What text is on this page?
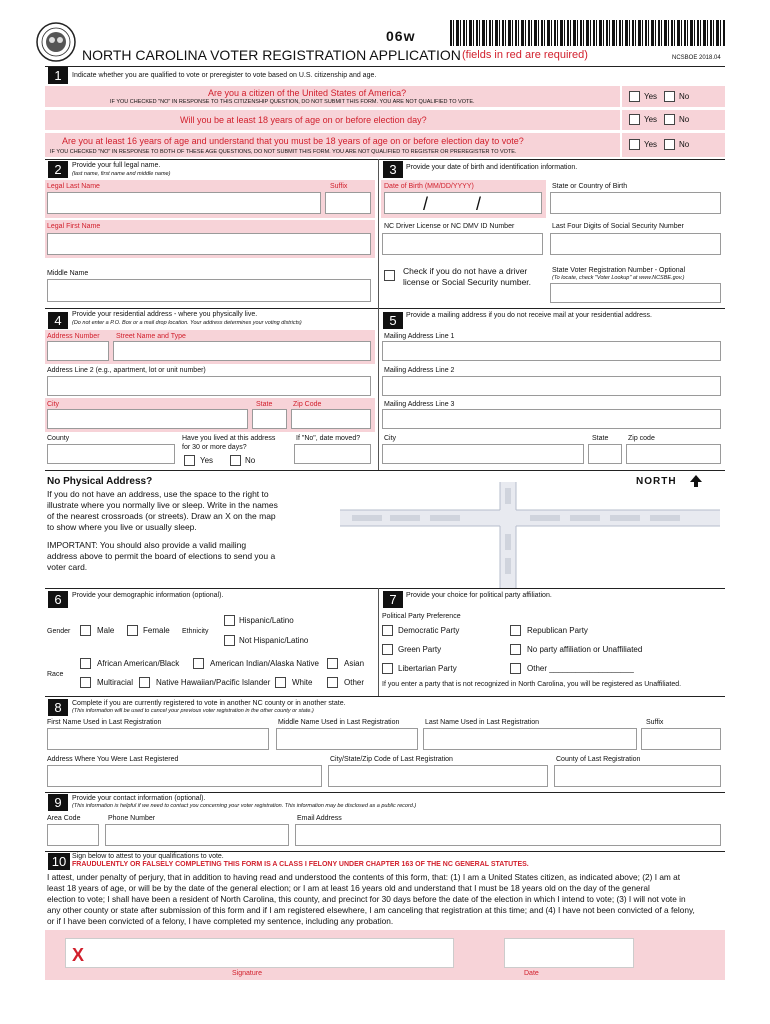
06w
NORTH CAROLINA VOTER REGISTRATION APPLICATION (fields in red are required)	NCSBOE 2018.04
1	Indicate whether you are qualified to vote or preregister to vote based on U.S. citizenship and age.
Are you a citizen of the United States of America?
IF YOU CHECKED "NO" IN RESPONSE TO THIS CITIZENSHIP QUESTION, DO NOT SUBMIT THIS FORM. YOU ARE NOT QUALIFIED TO VOTE.
Yes	No
Will you be at least 18 years of age on or before election day?	Yes	No
Are you at least 16 years of age and understand that you must be 18 years of age on or before election day to vote?
IF YOU CHECKED "NO" IN RESPONSE TO BOTH OF THESE AGE QUESTIONS, DO NOT SUBMIT THIS FORM. YOU ARE NOT QUALIFIED TO REGISTER OR PREREGISTER TO VOTE.
Yes	No
2	Provide your full legal name.
(last name, first name and middle name)
Legal Last Name	Suffix
Legal First Name
Middle Name
3	Provide your date of birth and identification information.
Date of Birth (MM/DD/YYYY)
/	/
State or Country of Birth
NC Driver License or NC DMV ID Number	Last Four Digits of Social Security Number
Check if you do not have a driver
license or Social Security number.
State Voter Registration Number - Optional
(To locate, check "Voter Lookup" at www.NCSBE.gov.)
4	Provide your residential address - where you physically live.
(Do not enter a P.O. Box or a mail drop location. Your address determines your voting districts)
Address Number Street Name and Type
Address Line 2 (e.g., apartment, lot or unit number)
City	State	Zip Code
County	Have you lived at this address
for 30 or more days?
Yes	No
If "No", date moved?
5	Provide a mailing address if you do not receive mail at your residential address.
Mailing Address Line 1
Mailing Address Line 2
Mailing Address Line 3
City	State	Zip code
No Physical Address?
If you do not have an address, use the space to the right to
illustrate where you normally live or sleep. Write in the names
of the nearest crossroads (or streets). Draw an X on the map
to show where you live or usually sleep.
IMPORTANT: You should also provide a valid mailing
address above to permit the board of elections to send you a
voter card.
NORTH
6	Provide your demographic information (optional).
Gender	Male	Female Ethnicity
Hispanic/Latino
Not Hispanic/Latino
Race
African American/Black	American Indian/Alaska Native	Asian
Multiracial	Native Hawaiian/Pacific Islander	White	Other
7	Provide your choice for political party affiliation.
Political Party Preference
Democratic Party	Republican Party
Green Party	No party affiliation or Unaffiliated
Libertarian Party	Other ___________________
If you enter a party that is not recognized in North Carolina, you will be registered as Unaffiliated.
8	Complete if you are currently registered to vote in another NC county or in another state.
(This information will be used to cancel your previous voter registration in the other county or state.)
First Name Used in Last Registration	Middle Name Used in Last Registration	Last Name Used in Last Registration	Suffix
Address Where You Were Last Registered	City/State/Zip Code of Last Registration	County of Last Registration
9	Provide your contact information (optional).
(This information is helpful if we need to contact you concerning your voter registration. This information may be disclosed as a public record.)
Area Code	Phone Number	Email Address
10 Sign below to attest to your qualifications to vote.
FRAUDULENTLY OR FALSELY COMPLETING THIS FORM IS A CLASS I FELONY UNDER CHAPTER 163 OF THE NC GENERAL STATUTES.
I attest, under penalty of perjury, that in addition to having read and understood the contents of this form, that: (1) I am a United States citizen, as indicated above; (2) I am at
least 18 years of age, or will be by the date of the general election; or I am at least 16 years old and understand that I must be 18 years old on the day of the general
election to vote; I shall have been a resident of North Carolina, this county, and precinct for 30 days before the date of the election in which I intend to vote; (3) I will not vote in
any other county or state after submission of this form and if I am registered elsewhere, I am canceling that registration at this time; and (4) I have not been convicted of a felony,
or if I have been convicted of a felony, I have completed my sentence, including any probation.
X
Signature	Date
